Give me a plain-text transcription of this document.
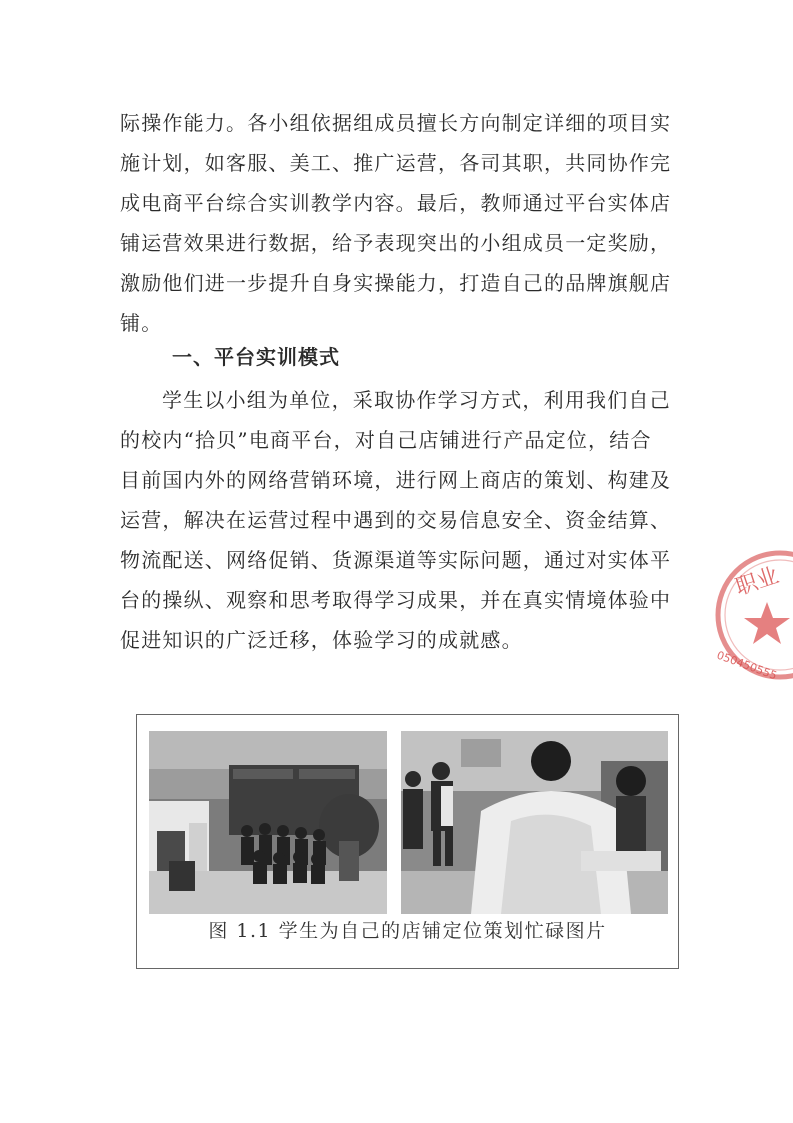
际操作能力。各小组依据组成员擅长方向制定详细的项目实
施计划，如客服、美工、推广运营，各司其职，共同协作完
成电商平台综合实训教学内容。最后，教师通过平台实体店
铺运营效果进行数据，给予表现突出的小组成员一定奖励，
激励他们进一步提升自身实操能力，打造自己的品牌旗舰店
铺。
一、平台实训模式
学生以小组为单位，采取协作学习方式，利用我们自己
的校内“拾贝”电商平台，对自己店铺进行产品定位，结合
目前国内外的网络营销环境，进行网上商店的策划、构建及
运营，解决在运营过程中遇到的交易信息安全、资金结算、
物流配送、网络促销、货源渠道等实际问题，通过对实体平
台的操纵、观察和思考取得学习成果，并在真实情境体验中
促进知识的广泛迁移，体验学习的成就感。
职业
050450555
图 1.1 学生为自己的店铺定位策划忙碌图片
